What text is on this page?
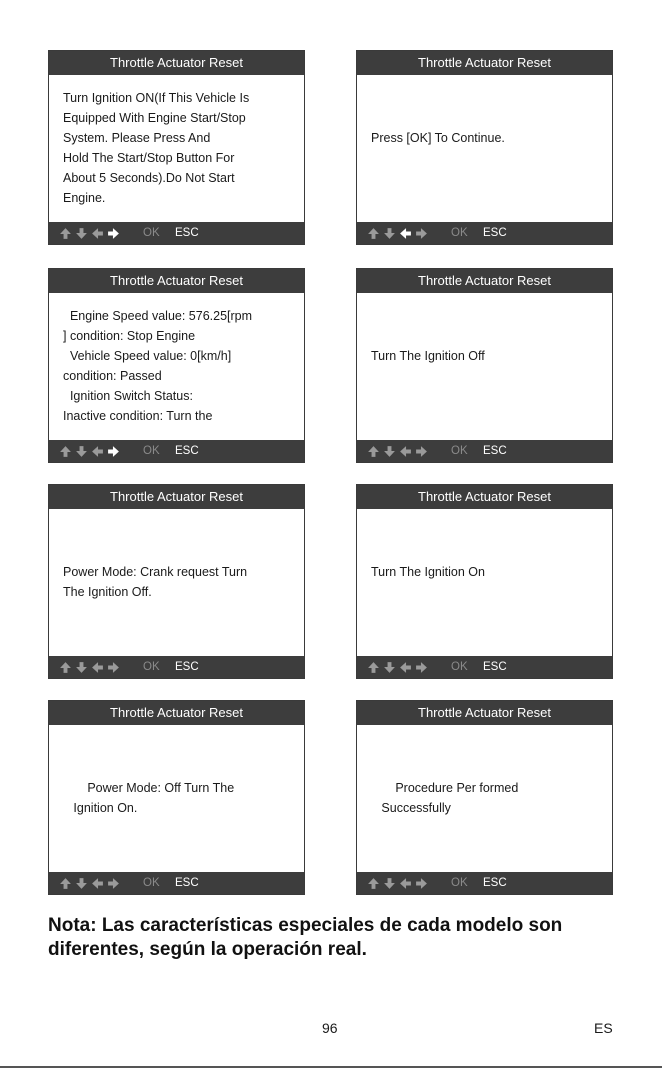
Throttle Actuator Reset
Turn Ignition ON(If This Vehicle Is
Equipped With Engine Start/Stop
System. Please Press And
Hold The Start/Stop Button For
About 5 Seconds).Do Not Start
Engine.
OK ESC
Throttle Actuator Reset
Press [OK] To Continue.
OK ESC
Throttle Actuator Reset
Engine Speed value: 576.25[rpm
] condition: Stop Engine
Vehicle Speed value: 0[km/h]
condition: Passed
Ignition Switch Status:
Inactive condition: Turn the
OK ESC
Throttle Actuator Reset
Turn The Ignition Off
OK ESC
Throttle Actuator Reset
Power Mode: Crank request Turn
The Ignition Off.
OK ESC
Throttle Actuator Reset
Turn The Ignition On
OK ESC
Throttle Actuator Reset
Power Mode: Off Turn The
Ignition On.
OK ESC
Throttle Actuator Reset
Procedure Per formed
Successfully
OK ESC
Nota: Las características especiales de cada modelo son diferentes, según la operación real.
96	ES
